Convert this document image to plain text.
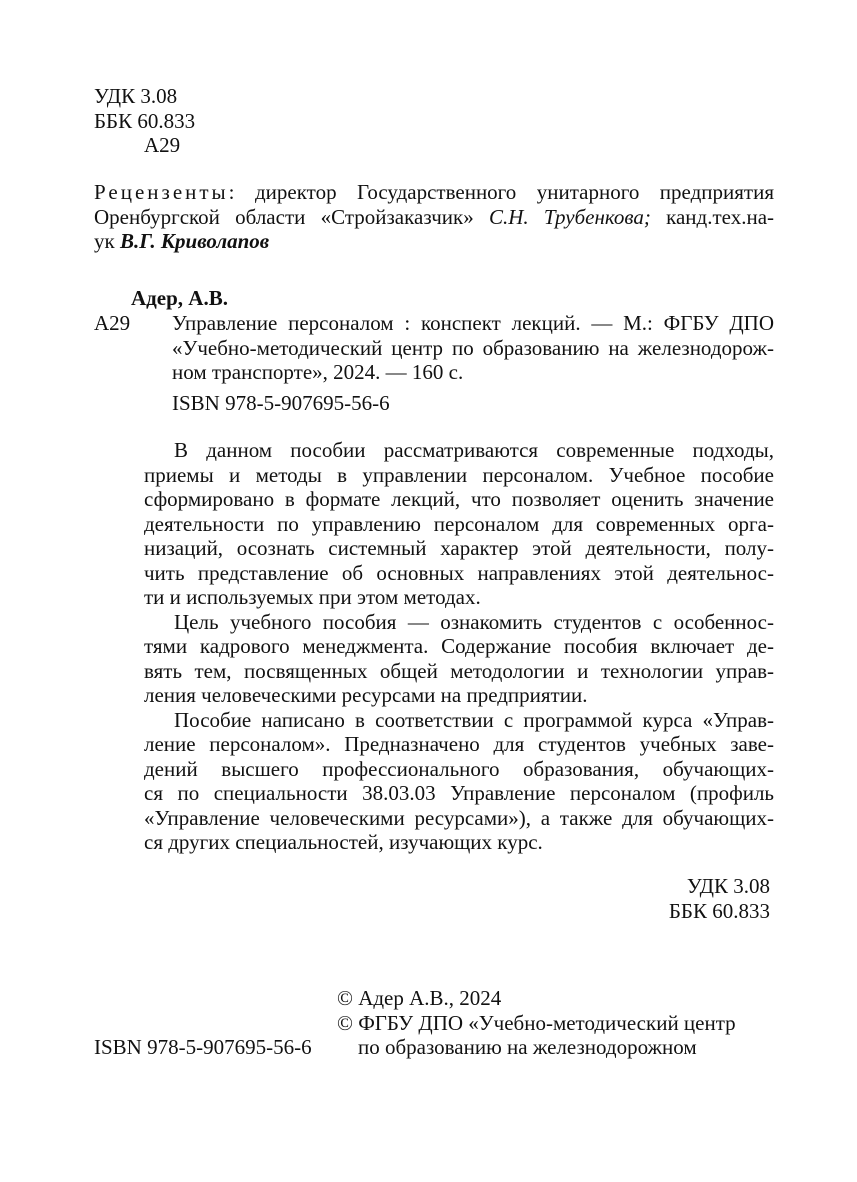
УДК 3.08
ББК 60.833
А29

Рецензенты: директор Государственного унитарного предприятия

Оренбургской области «Стройзаказчик» С.Н. Трубенкова; канд.тех.на-

ук В.Г. Криволапов

Адер, А.В.
А29 Управление персоналом : конспект лекций. — М.: ФГБУ ДПО

«Учебно-методический центр по образованию на железнодорож-

ном транспорте», 2024. — 160 с.

ISBN 978-5-907695-56-6

В данном пособии рассматриваются современные подходы,

приемы и методы в управлении персоналом. Учебное пособие

сформировано в формате лекций, что позволяет оценить значение

деятельности по управлению персоналом для современных орга-

низаций, осознать системный характер этой деятельности, полу-

чить представление об основных направлениях этой деятельнос-

ти и используемых при этом методах.

Цель учебного пособия — ознакомить студентов с особеннос-

тями кадрового менеджмента. Содержание пособия включает де-

вять тем, посвященных общей методологии и технологии управ-

ления человеческими ресурсами на предприятии.

Пособие написано в соответствии с программой курса «Управ-

ление персоналом». Предназначено для студентов учебных заве-

дений высшего профессионального образования, обучающих-

ся по специальности 38.03.03 Управление персоналом (профиль

«Управление человеческими ресурсами»), а также для обучающих-

ся других специальностей, изучающих курс.

УДК 3.08
ББК 60.833
© Адер А.В., 2024
© ФГБУ ДПО «Учебно-методический центр
по образованию на железнодорожном
ISBN 978-5-907695-56-6
